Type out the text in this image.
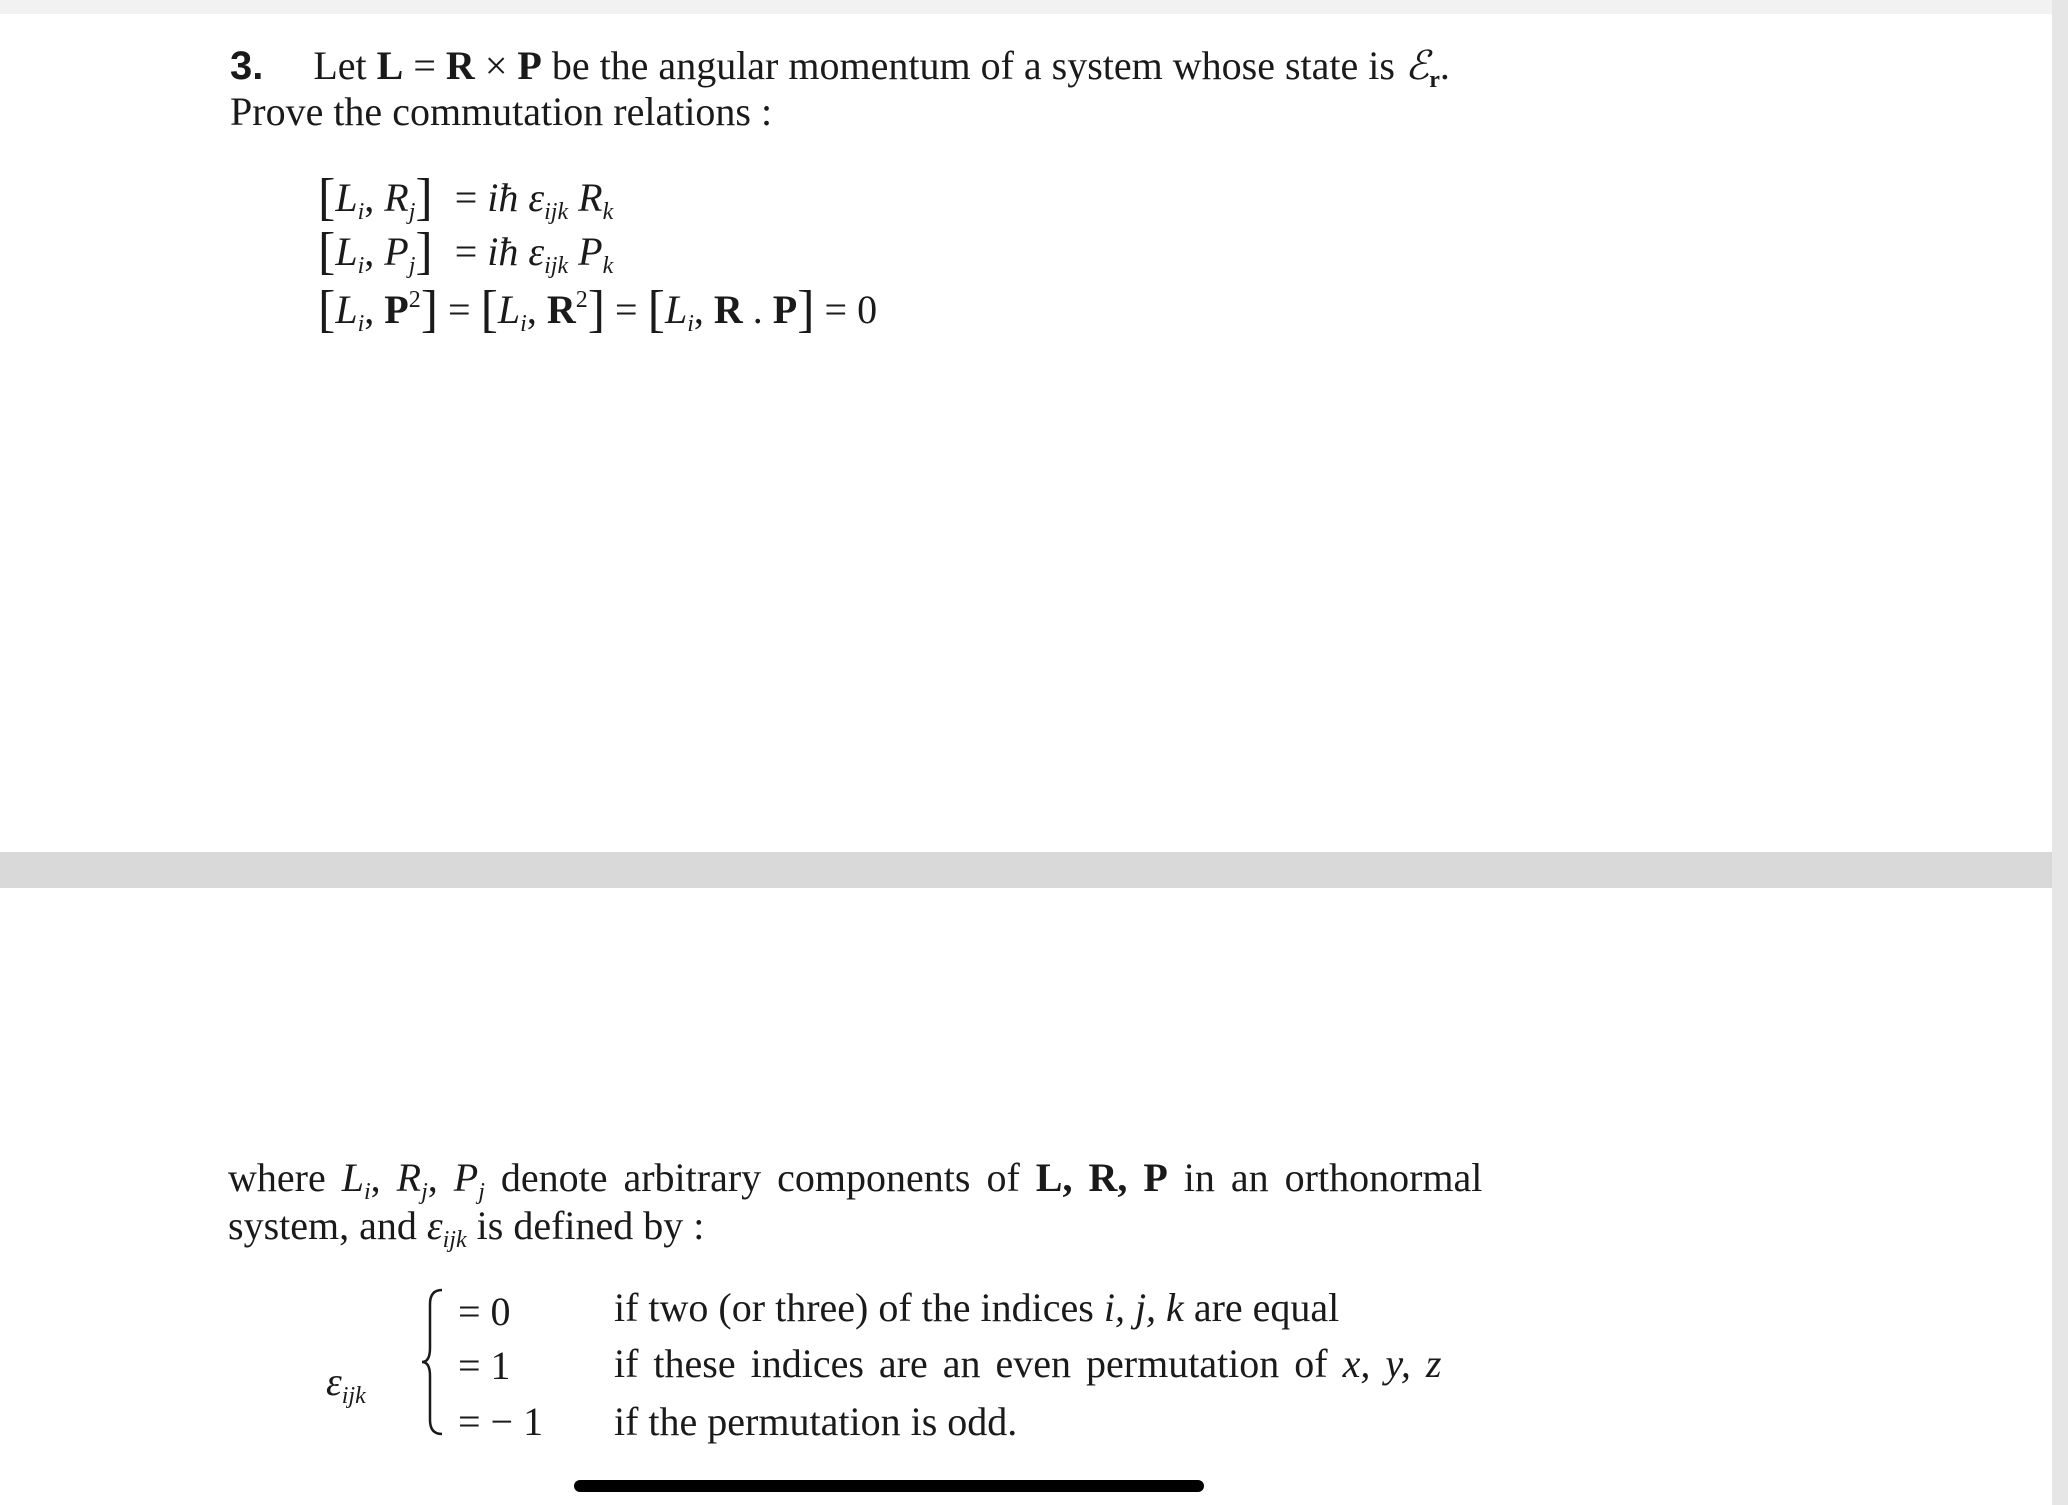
3. Let L = R × P be the angular momentum of a system whose state is ℰ$_r$.
Prove the commutation relations :
[$L_i$, $R_j$] = iħ $\varepsilon_{ijk}$ $R_k$
[$L_i$, $P_j$] = iħ $\varepsilon_{ijk}$ $P_k$
[$L_i$, $P^2] = [L_i$, $R^2] = [L_i$, R . P] = 0
where $L_i$, $R_j$, $P_j$ denote arbitrary components of L, R, P in an orthonormal
system, and $\varepsilon_{ijk}$ is defined by :
$\varepsilon_{ijk}$
= 0
= 1
= − 1
if two (or three) of the indices i, j, k are equal
if these indices are an even permutation of x, y, z
if the permutation is odd.
